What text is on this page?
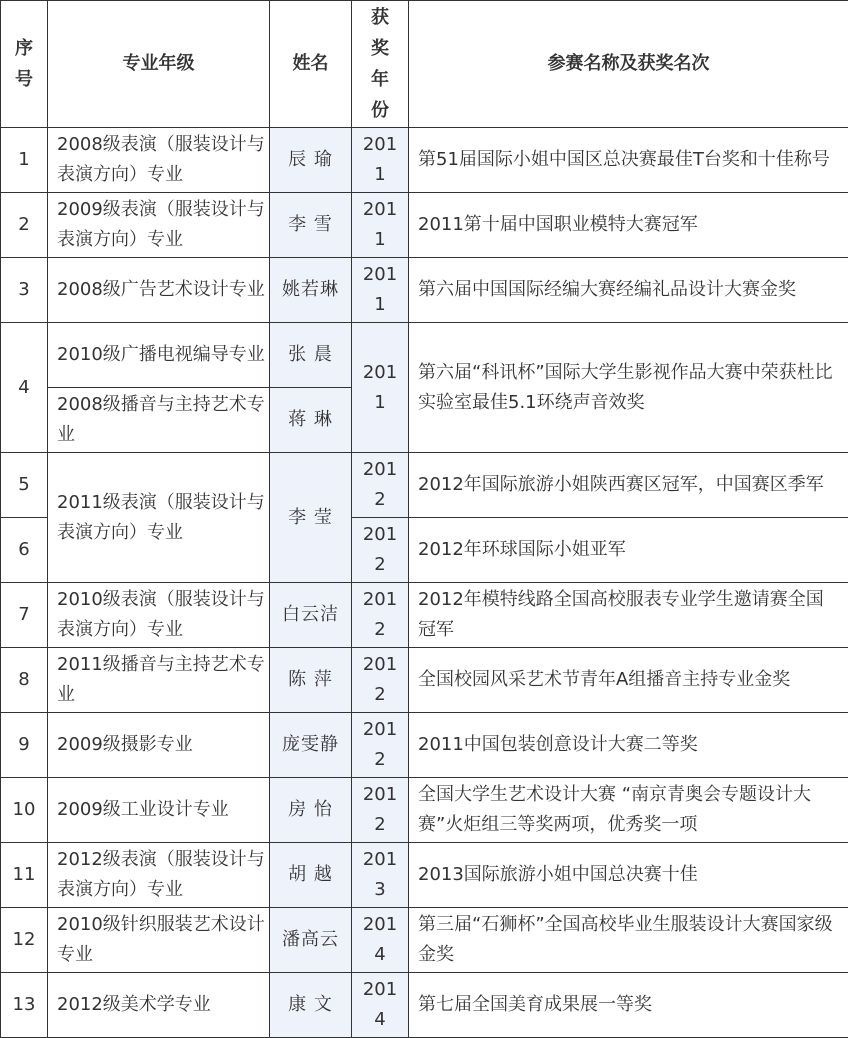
序号	专业年级	姓名	获奖年份	参赛名称及获奖名次
1	2008级表演（服装设计与表演方向）专业	辰 瑜	2011	第51届国际小姐中国区总决赛最佳T台奖和十佳称号
2	2009级表演（服装设计与表演方向）专业	李 雪	2011	2011第十届中国职业模特大赛冠军
3	2008级广告艺术设计专业	姚若琳	2011	第六届中国国际经编大赛经编礼品设计大赛金奖
4	2010级广播电视编导专业	张 晨	2011	第六届“科讯杯”国际大学生影视作品大赛中荣获杜比实验室最佳5.1环绕声音效奖
	2008级播音与主持艺术专业	蒋 琳		
5	2011级表演（服装设计与表演方向）专业	李 莹	2012	2012年国际旅游小姐陕西赛区冠军，中国赛区季军
6			2012	2012年环球国际小姐亚军
7	2010级表演（服装设计与表演方向）专业	白云洁	2012	2012年模特线路全国高校服表专业学生邀请赛全国冠军
8	2011级播音与主持艺术专业	陈 萍	2012	全国校园风采艺术节青年A组播音主持专业金奖
9	2009级摄影专业	庞雯静	2012	2011中国包装创意设计大赛二等奖
10	2009级工业设计专业	房 怡	2012	全国大学生艺术设计大赛 “南京青奥会专题设计大赛”火炬组三等奖两项，优秀奖一项
11	2012级表演（服装设计与表演方向）专业	胡 越	2013	2013国际旅游小姐中国总决赛十佳
12	2010级针织服装艺术设计专业	潘高云	2014	第三届“石狮杯”全国高校毕业生服装设计大赛国家级金奖
13	2012级美术学专业	康 文	2014	第七届全国美育成果展一等奖
